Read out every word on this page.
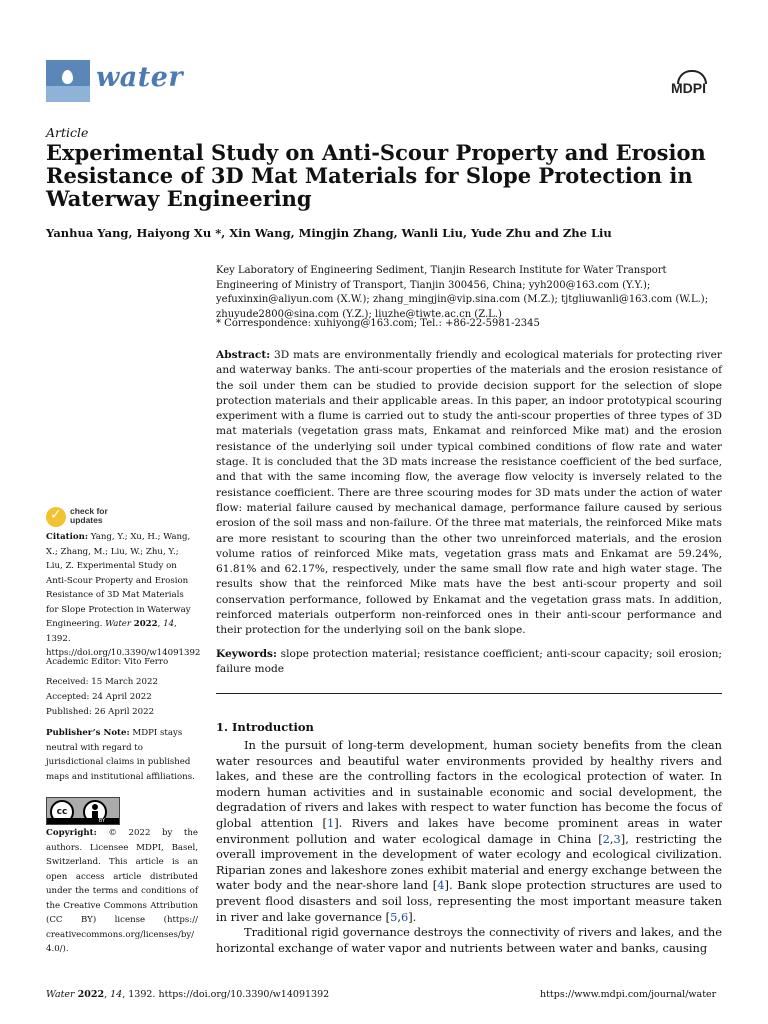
water	MDPI
Article
Experimental Study on Anti-Scour Property and Erosion Resistance of 3D Mat Materials for Slope Protection in Waterway Engineering
Yanhua Yang, Haiyong Xu *, Xin Wang, Mingjin Zhang, Wanli Liu, Yude Zhu and Zhe Liu
Key Laboratory of Engineering Sediment, Tianjin Research Institute for Water Transport Engineering of Ministry of Transport, Tianjin 300456, China; yyh200@163.com (Y.Y.); yefuxinxin@aliyun.com (X.W.); zhang_mingjin@vip.sina.com (M.Z.); tjtgliuwanli@163.com (W.L.); zhuyude2800@sina.com (Y.Z.); liuzhe@tiwte.ac.cn (Z.L.)
* Correspondence: xuhiyong@163.com; Tel.: +86-22-5981-2345
Abstract: 3D mats are environmentally friendly and ecological materials for protecting river and waterway banks. The anti-scour properties of the materials and the erosion resistance of the soil under them can be studied to provide decision support for the selection of slope protection materials and their applicable areas. In this paper, an indoor prototypical scouring experiment with a flume is carried out to study the anti-scour properties of three types of 3D mat materials (vegetation grass mats, Enkamat and reinforced Mike mat) and the erosion resistance of the underlying soil under typical combined conditions of flow rate and water stage. It is concluded that the 3D mats increase the resistance coefficient of the bed surface, and that with the same incoming flow, the average flow velocity is inversely related to the resistance coefficient. There are three scouring modes for 3D mats under the action of water flow: material failure caused by mechanical damage, performance failure caused by serious erosion of the soil mass and non-failure. Of the three mat materials, the reinforced Mike mats are more resistant to scouring than the other two unreinforced materials, and the erosion volume ratios of reinforced Mike mats, vegetation grass mats and Enkamat are 59.24%, 61.81% and 62.17%, respectively, under the same small flow rate and high water stage. The results show that the reinforced Mike mats have the best anti-scour property and soil conservation performance, followed by Enkamat and the vegetation grass mats. In addition, reinforced materials outperform non-reinforced ones in their anti-scour performance and their protection for the underlying soil on the bank slope.
Keywords: slope protection material; resistance coefficient; anti-scour capacity; soil erosion; failure mode
1. Introduction

In the pursuit of long-term development, human society benefits from the clean water resources and beautiful water environments provided by healthy rivers and lakes, and these are the controlling factors in the ecological protection of water. In modern human activities and in sustainable economic and social development, the degradation of rivers and lakes with respect to water function has become the focus of global attention [1]. Rivers and lakes have become prominent areas in water environment pollution and water ecological damage in China [2,3], restricting the overall improvement in the development of water ecology and ecological civilization. Riparian zones and lakeshore zones exhibit material and energy exchange between the water body and the near-shore land [4]. Bank slope protection structures are used to prevent flood disasters and soil loss, representing the most important measure taken in river and lake governance [5,6].

Traditional rigid governance destroys the connectivity of rivers and lakes, and the horizontal exchange of water vapor and nutrients between water and banks, causing

✓ check for
updates
Citation: Yang, Y.; Xu, H.; Wang, X.; Zhang, M.; Liu, W.; Zhu, Y.; Liu, Z. Experimental Study on Anti-Scour Property and Erosion Resistance of 3D Mat Materials for Slope Protection in Waterway Engineering. Water 2022, 14, 1392. https://doi.org/10.3390/w14091392
Academic Editor: Vito Ferro
Received: 15 March 2022
Accepted: 24 April 2022
Published: 26 April 2022
Publisher’s Note: MDPI stays neutral with regard to jurisdictional claims in published maps and institutional affiliations.
cc
BY
Copyright: © 2022 by the authors. Licensee MDPI, Basel, Switzerland. This article is an open access article distributed under the terms and conditions of the Creative Commons Attribution (CC BY) license (https:// creativecommons.org/licenses/by/ 4.0/).
Water 2022, 14, 1392. https://doi.org/10.3390/w14091392	https://www.mdpi.com/journal/water
